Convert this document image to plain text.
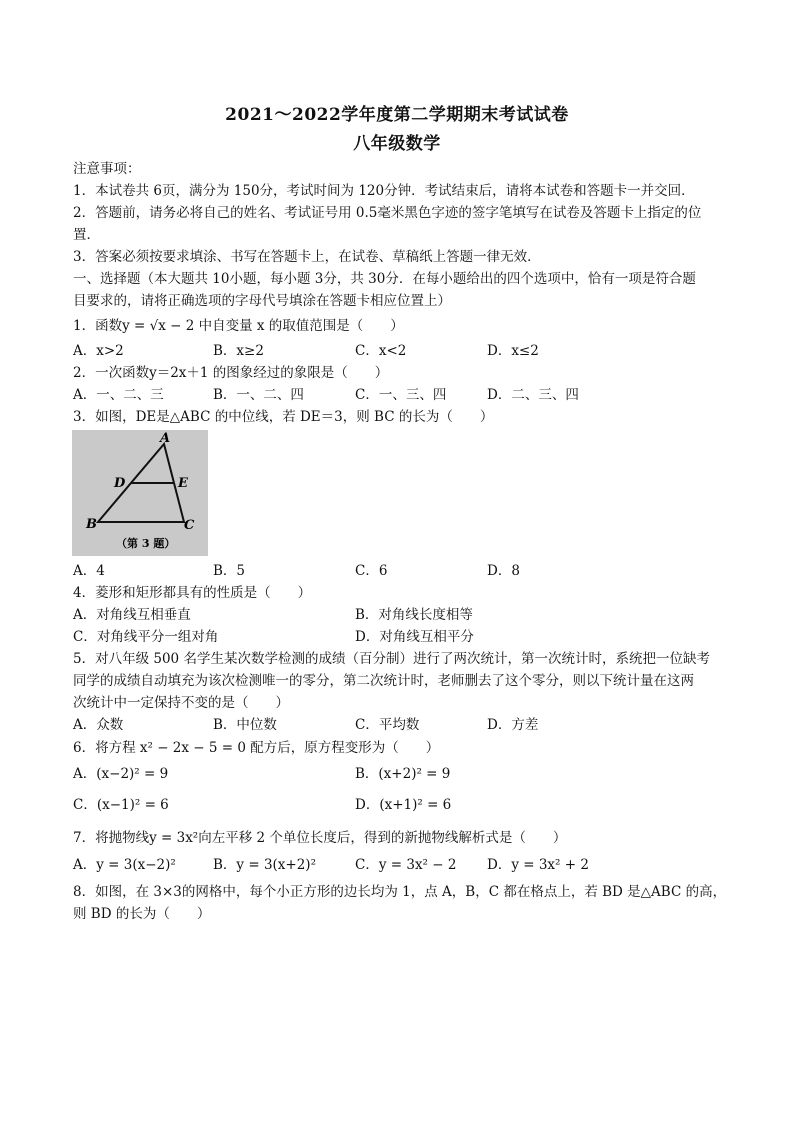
2021～2022学年度第二学期期末考试试卷
八年级数学
注意事项：
1．本试卷共 6页，满分为 150分，考试时间为 120分钟．考试结束后，请将本试卷和答题卡一并交回．
2．答题前，请务必将自己的姓名、考试证号用 0.5毫米黑色字迹的签字笔填写在试卷及答题卡上指定的位
置．
3．答案必须按要求填涂、书写在答题卡上，在试卷、草稿纸上答题一律无效．
一、选择题（本大题共 10小题，每小题 3分，共 30分．在每小题给出的四个选项中，恰有一项是符合题
目要求的，请将正确选项的字母代号填涂在答题卡相应位置上）
1．函数y = √x − 2 中自变量 x 的取值范围是（　　）
A．x>2	B．x≥2	C．x<2	D．x≤2
2．一次函数y＝2x＋1 的图象经过的象限是（　　）
A．一、二、三	B．一、二、四	C．一、三、四	D．二、三、四
3．如图，DE是△ABC 的中位线，若 DE＝3，则 BC 的长为（　　）
A
D	E
B	C
（第 3 题）
A．4	B．5	C．6	D．8
4．菱形和矩形都具有的性质是（　　）
A．对角线互相垂直	B．对角线长度相等
C．对角线平分一组对角	D．对角线互相平分
5．对八年级 500 名学生某次数学检测的成绩（百分制）进行了两次统计，第一次统计时，系统把一位缺考
同学的成绩自动填充为该次检测唯一的零分，第二次统计时，老师删去了这个零分，则以下统计量在这两
次统计中一定保持不变的是（　　）
A．众数	B．中位数	C．平均数	D．方差
6．将方程 x² − 2x − 5 = 0 配方后，原方程变形为（　　）
A．(x−2)² = 9	B．(x+2)² = 9
C．(x−1)² = 6	D．(x+1)² = 6
7．将抛物线y = 3x²向左平移 2 个单位长度后，得到的新抛物线解析式是（　　）
A．y = 3(x−2)²	B．y = 3(x+2)²	C．y = 3x² − 2 D．y = 3x² + 2
8．如图，在 3×3的网格中，每个小正方形的边长均为 1，点 A，B，C 都在格点上，若 BD 是△ABC 的高，
则 BD 的长为（　　）
